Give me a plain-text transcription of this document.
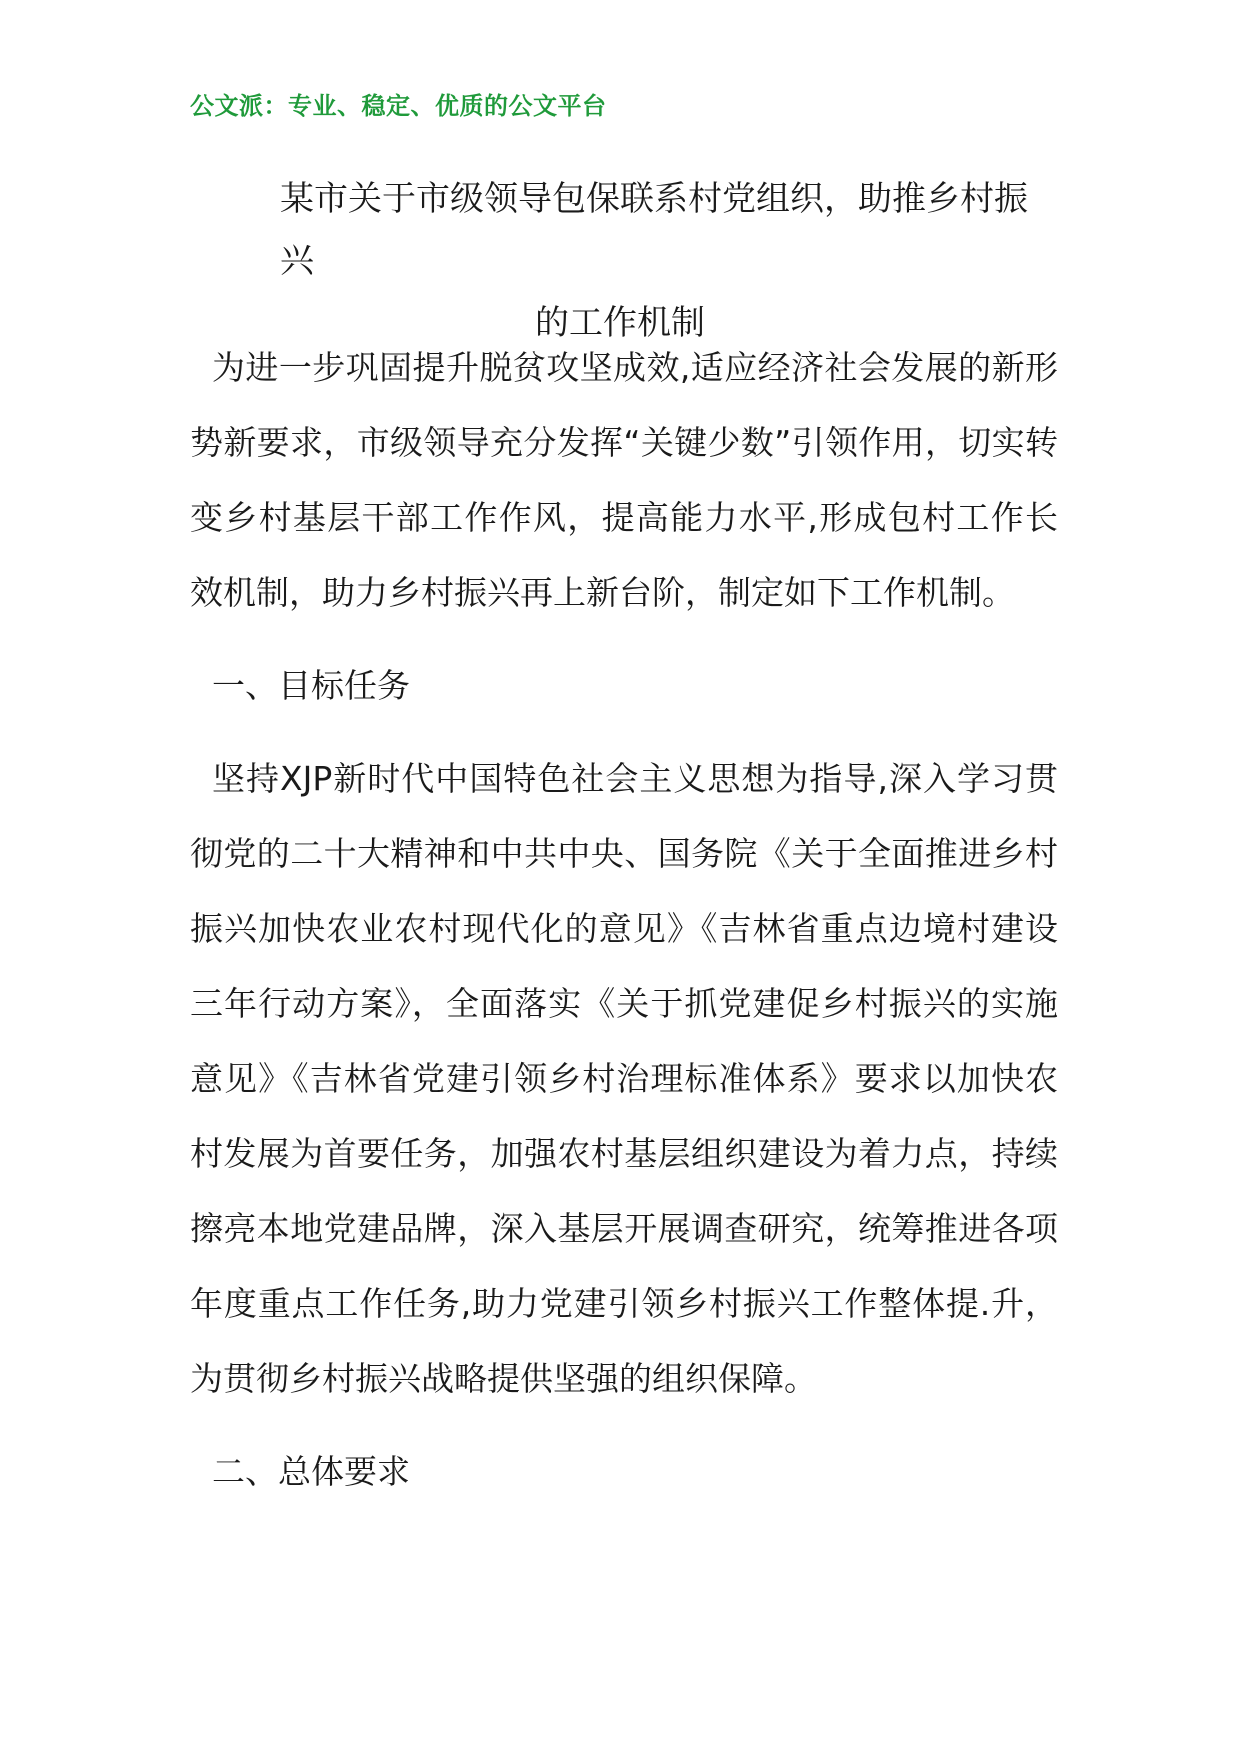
公文派：专业、稳定、优质的公文平台
某市关于市级领导包保联系村党组织，助推乡村振兴
的工作机制

为进一步巩固提升脱贫攻坚成效,适应经济社会发展的新形势新要求，市级领导充分发挥“关键少数”引领作用，切实转变乡村基层干部工作作风，提高能力水平,形成包村工作长效机制，助力乡村振兴再上新台阶，制定如下工作机制。

一、目标任务

坚持XJP新时代中国特色社会主义思想为指导,深入学习贯彻党的二十大精神和中共中央、国务院《关于全面推进乡村振兴加快农业农村现代化的意见》《吉林省重点边境村建设三年行动方案》，全面落实《关于抓党建促乡村振兴的实施意见》《吉林省党建引领乡村治理标准体系》要求以加快农村发展为首要任务，加强农村基层组织建设为着力点，持续擦亮本地党建品牌，深入基层开展调查研究，统筹推进各项年度重点工作任务,助力党建引领乡村振兴工作整体提.升，为贯彻乡村振兴战略提供坚强的组织保障。

二、总体要求
